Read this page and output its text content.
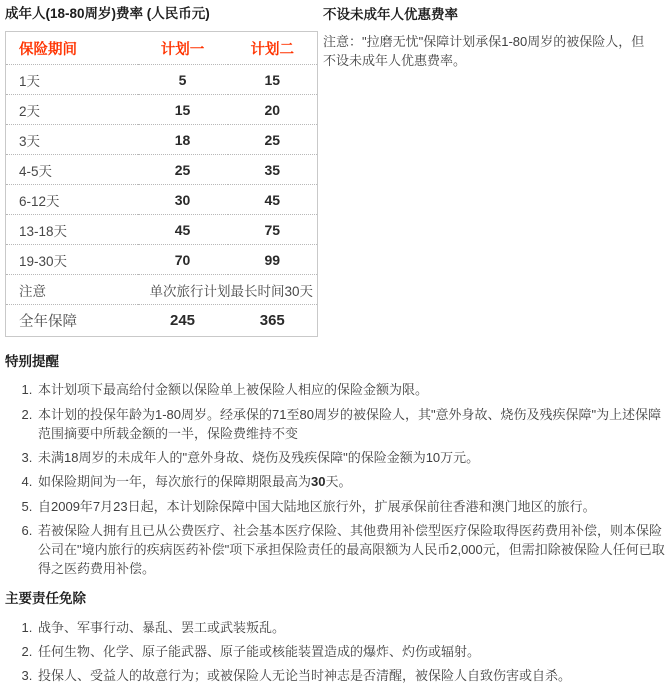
成年人(18-80周岁)费率 (人民币元)
保险期间	计划一	计划二
1天	5	15
2天	15	20
3天	18	25
4-5天	25	35
6-12天	30	45
13-18天	45	75
19-30天	70	99
注意	单次旅行计划最长时间30天	
全年保障	245	365
不设未成年人优惠费率

注意："拉磨无忧"保障计划承保1-80周岁的被保险人，但不设未成年人优惠费率。

特别提醒
1. 本计划项下最高给付金额以保险单上被保险人相应的保险金额为限。
2. 本计划的投保年龄为1-80周岁。经承保的71至80周岁的被保险人，其"意外身故、烧伤及残疾保障"为上述保障范围摘要中所载金额的一半，保险费维持不变
3. 未满18周岁的未成年人的"意外身故、烧伤及残疾保障"的保险金额为10万元。
4. 如保险期间为一年，每次旅行的保障期限最高为30天。
5. 自2009年7月23日起，本计划除保障中国大陆地区旅行外，扩展承保前往香港和澳门地区的旅行。
6. 若被保险人拥有且已从公费医疗、社会基本医疗保险、其他费用补偿型医疗保险取得医药费用补偿，则本保险公司在"境内旅行的疾病医药补偿"项下承担保险责任的最高限额为人民币2,000元，但需扣除被保险人任何已取得之医药费用补偿。
主要责任免除
1. 战争、军事行动、暴乱、罢工或武装叛乱。
2. 任何生物、化学、原子能武器、原子能或核能装置造成的爆炸、灼伤或辐射。
3. 投保人、受益人的故意行为；或被保险人无论当时神志是否清醒，被保险人自致伤害或自杀。
